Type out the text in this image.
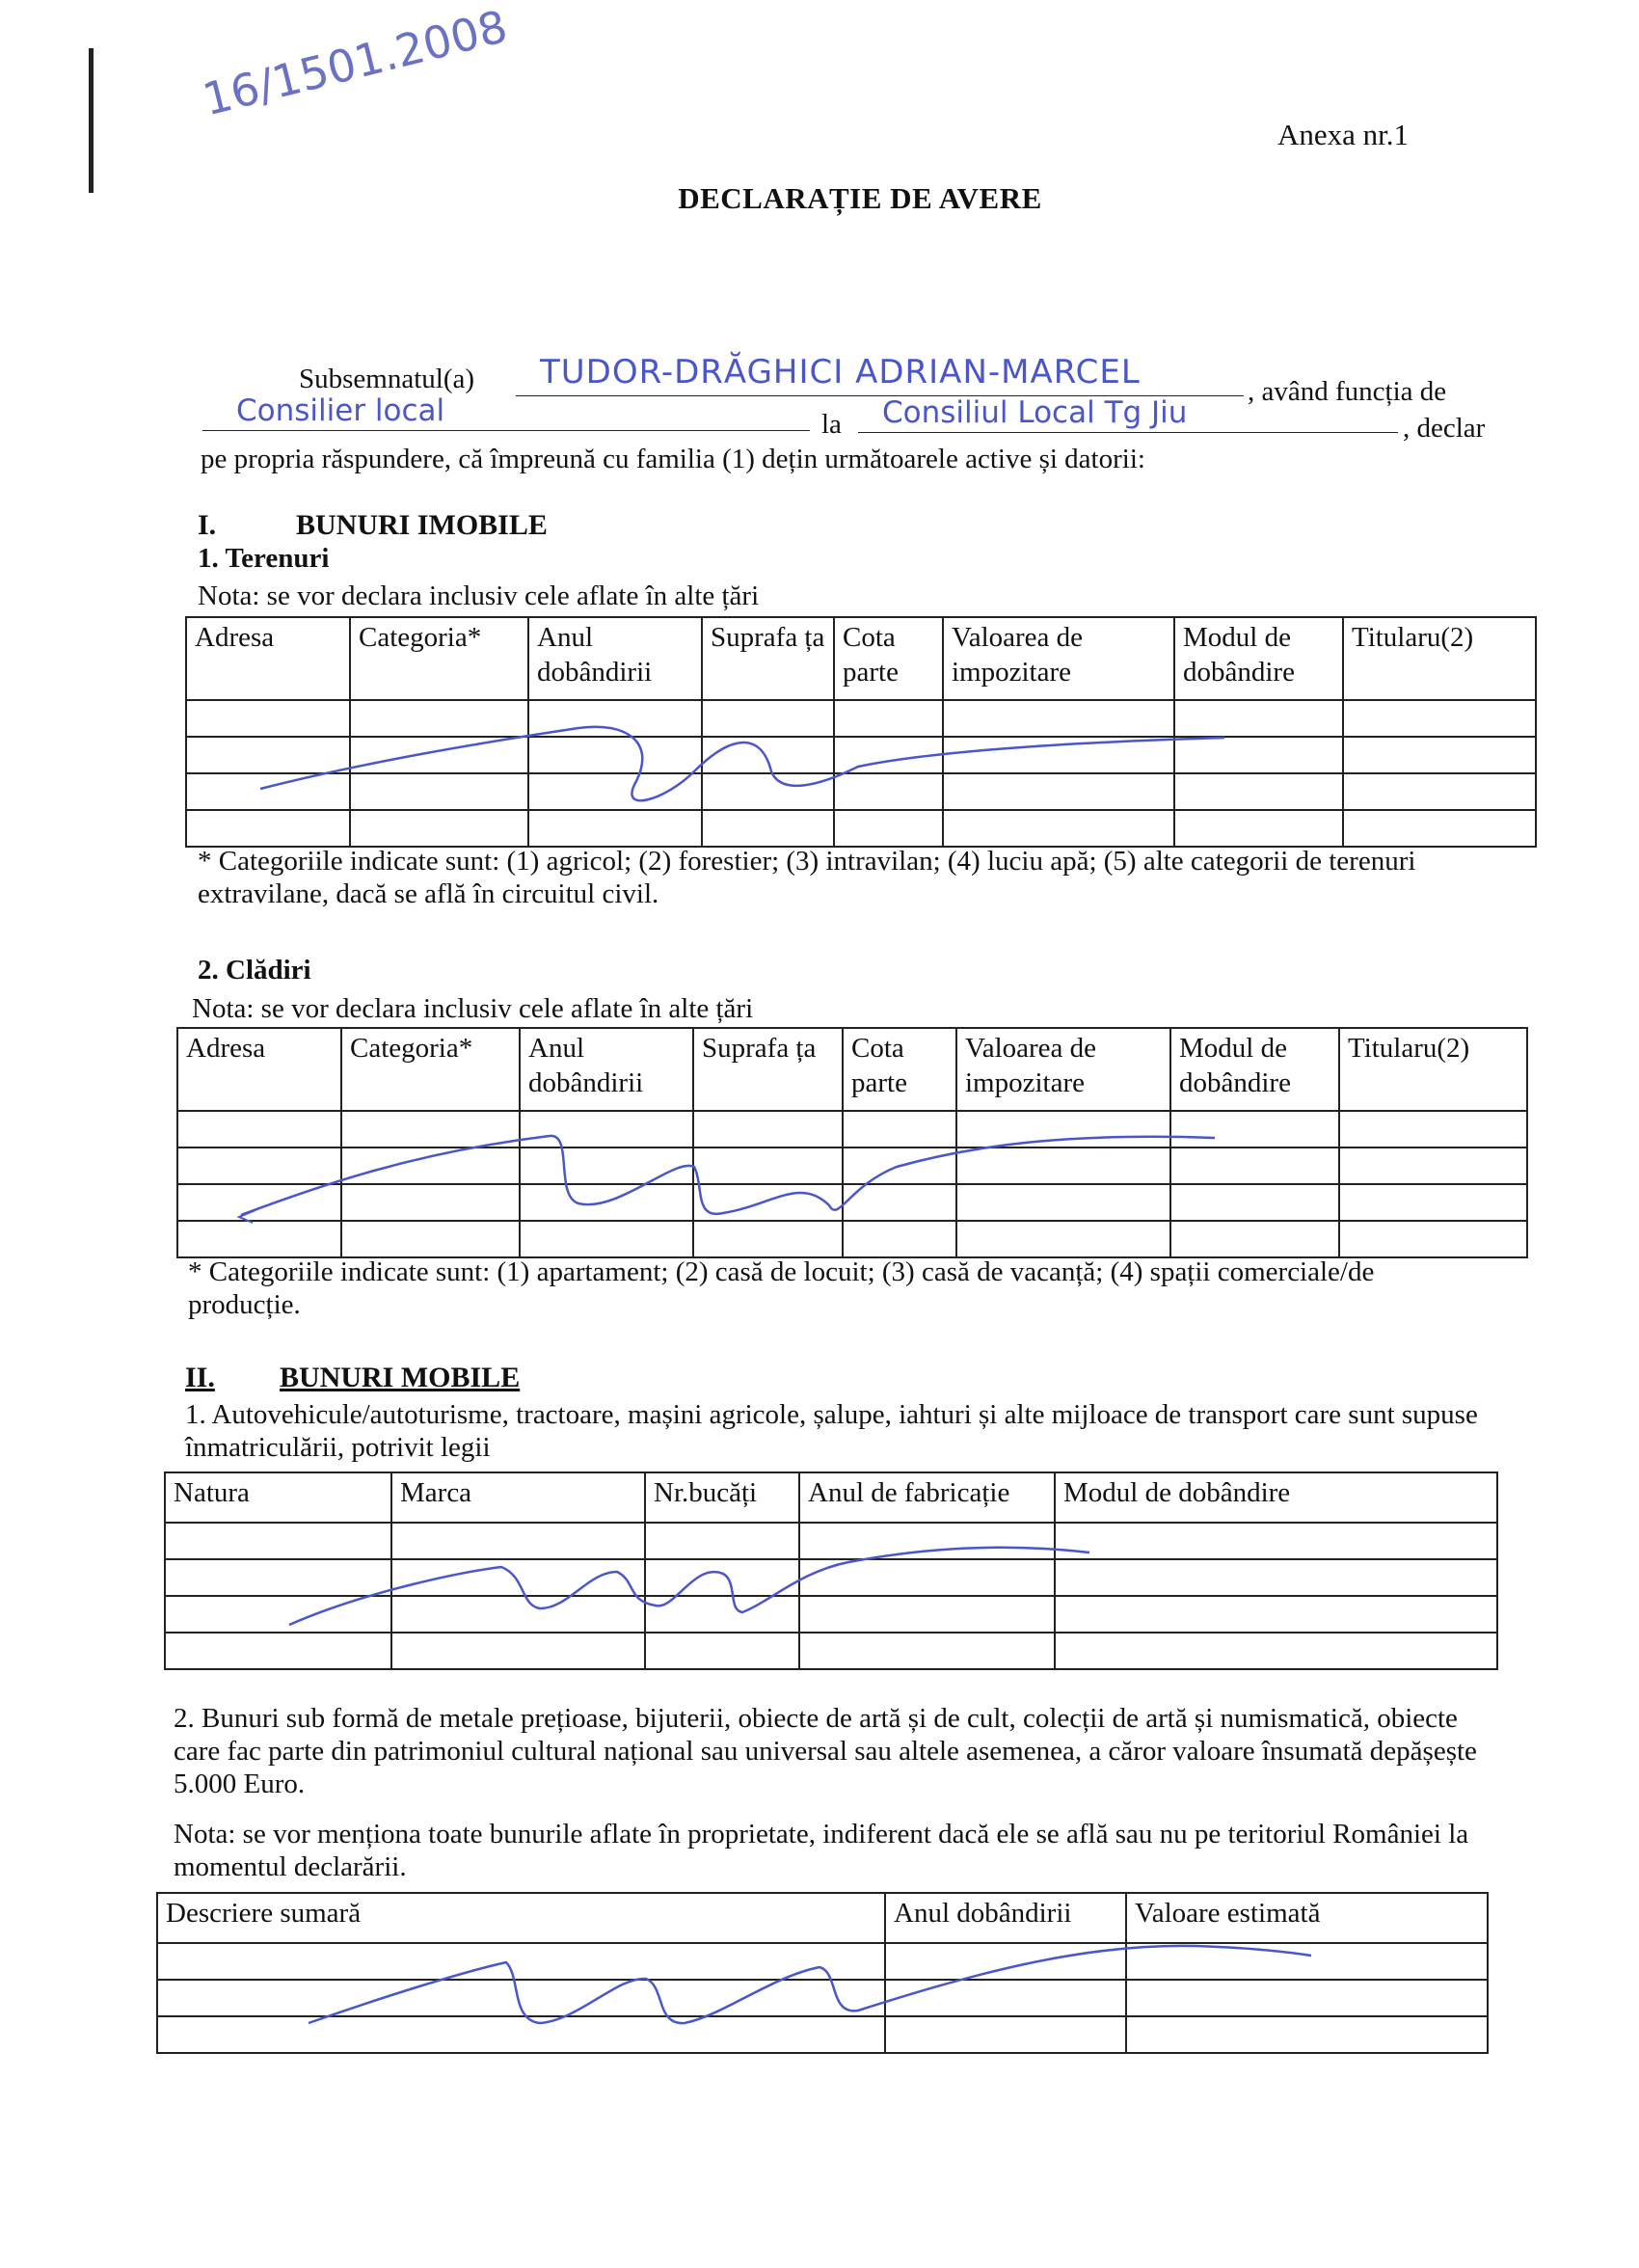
16/1501.2008
Anexa nr.1
DECLARAȚIE DE AVERE
Subsemnatul(a) TUDOR-DRĂGHICI ADRIAN-MARCEL	, având funcția de
Consilier local	la Consiliul Local Tg Jiu	, declar
pe propria răspundere, că împreună cu familia (1) dețin următoarele active și datorii:
I.	BUNURI IMOBILE
1. Terenuri
Nota: se vor declara inclusiv cele aflate în alte țări
Adresa	Categoria*	Anul dobândirii	Suprafa ța	Cota parte	Valoarea de impozitare	Modul de dobândire	Titularu(2)

* Categoriile indicate sunt: (1) agricol; (2) forestier; (3) intravilan; (4) luciu apă; (5) alte categorii de terenuri extravilane, dacă se află în circuitul civil.
2. Clădiri
Nota: se vor declara inclusiv cele aflate în alte țări
Adresa	Categoria*	Anul dobândirii	Suprafa ța	Cota parte	Valoarea de impozitare	Modul de dobândire	Titularu(2)

* Categoriile indicate sunt: (1) apartament; (2) casă de locuit; (3) casă de vacanță; (4) spații comerciale/de producție.
II. BUNURI MOBILE
1. Autovehicule/autoturisme, tractoare, mașini agricole, șalupe, iahturi și alte mijloace de transport care sunt supuse înmatriculării, potrivit legii
Natura	Marca	Nr.bucăți	Anul de fabricație	Modul de dobândire

2. Bunuri sub formă de metale prețioase, bijuterii, obiecte de artă și de cult, colecții de artă și numismatică, obiecte care fac parte din patrimoniul cultural național sau universal sau altele asemenea, a căror valoare însumată depășește 5.000 Euro.
Nota: se vor menționa toate bunurile aflate în proprietate, indiferent dacă ele se află sau nu pe teritoriul României la momentul declarării.
Descriere sumară	Anul dobândirii	Valoare estimată
